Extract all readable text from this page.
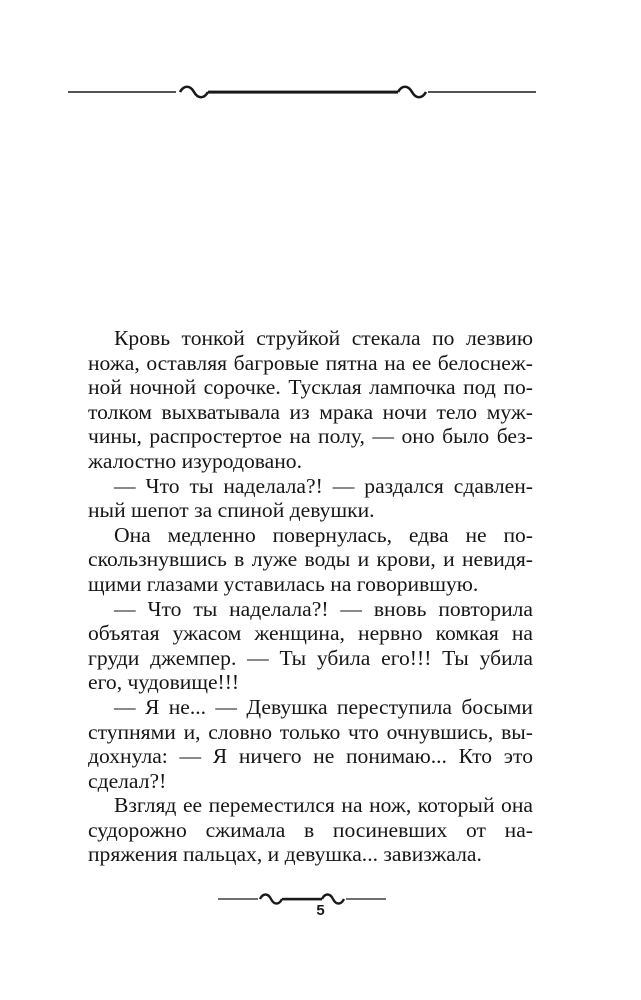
Кровь тонкой струйкой стекала по лезвию ножа, оставляя багровые пятна на ее белоснежной ночной сорочке. Тусклая лампочка под потолком выхватывала из мрака ночи тело мужчины, распростертое на полу, — оно было безжалостно изуродовано.

— Что ты наделала?! — раздался сдавленный шепот за спиной девушки.

Она медленно повернулась, едва не поскользнувшись в луже воды и крови, и невидящими глазами уставилась на говорившую.

— Что ты наделала?! — вновь повторила объятая ужасом женщина, нервно комкая на груди джемпер. — Ты убила его!!! Ты убила его, чудовище!!!

— Я не... — Девушка переступила босыми ступнями и, словно только что очнувшись, выдохнула: — Я ничего не понимаю... Кто это сделал?!

Взгляд ее переместился на нож, который она судорожно сжимала в посиневших от напряжения пальцах, и девушка... завизжала.

5
